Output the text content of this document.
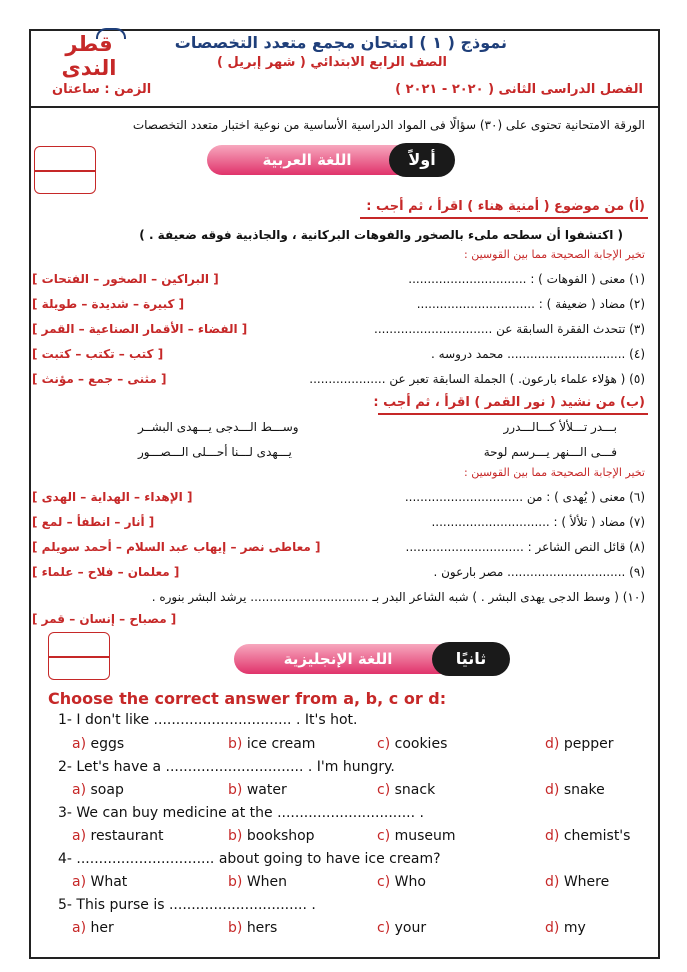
قطر الندى
نموذج ( ١ ) امتحان مجمع متعدد التخصصات
الصف الرابع الابتدائي ( شهر إبريل )
الفصل الدراسى الثانى ( ٢٠٢٠ - ٢٠٢١ )
الزمن : ساعتان
الورقة الامتحانية تحتوى على (٣٠) سؤالًا فى المواد الدراسية الأساسية من نوعية اختبار متعدد التخصصات
اللغة العربية	أولاً
(أ) من موضوع ( أمنية هناء ) اقرأ ، ثم أجب :
( اكتشفوا أن سطحه ملىء بالصخور والفوهات البركانية ، والجاذبية فوقه ضعيفة . )
تخير الإجابة الصحيحة مما بين القوسين :
(١) معنى ( الفوهات ) : ...............................
[ البراكين – الصخور – الفتحات ]
(٢) مضاد ( ضعيفة ) : ...............................
[ كبيرة – شديدة – طويلة ]
(٣) تتحدث الفقرة السابقة عن ...............................
[ الفضاء – الأقمار الصناعية – القمر ]
(٤) ............................... محمد دروسه .
[ كتب – تكتب – كتبت ]
(٥) ( هؤلاء علماء بارعون. ) الجملة السابقة تعبر عن ....................
[ مثنى – جمع – مؤنث ]
(ب) من نشيد ( نور القمر ) اقرأ ، ثم أجب :
بـــدر تـــلألأ كـــالـــدرر
وســـط الـــدجى يـــهدى البشــر
فـــى الـــنهر يـــرسم لوحة
يـــهدى لـــنا أحـــلى الـــصـــور
تخير الإجابة الصحيحة مما بين القوسين :
(٦) معنى ( يُهدى ) : من ...............................
[ الإهداء – الهداية – الهدى ]
(٧) مضاد ( تلألأ ) : ...............................
[ أنار – انطفأ – لمع ]
(٨) قائل النص الشاعر : ...............................
[ معاطى نصر – إيهاب عبد السلام – أحمد سويلم ]
(٩) ............................... مصر بارعون .
[ معلمان – فلاح – علماء ]
(١٠) ( وسط الدجى يهدى البشر . ) شبه الشاعر البدر بـ ............................... يرشد البشر بنوره .
[ مصباح – إنسان – قمر ]
اللغة الإنجليزية	ثانيًا
Choose the correct answer from a, b, c or d:
1- I don't like ............................... . It's hot.
a) eggs	b) ice cream	c) cookies	d) pepper
2- Let's have a ............................... . I'm hungry.
a) soap	b) water	c) snack	d) snake
3- We can buy medicine at the ............................... .
a) restaurant	b) bookshop	c) museum	d) chemist's
4- ............................... about going to have ice cream?
a) What	b) When	c) Who	d) Where
5- This purse is ............................... .
a) her	b) hers	c) your	d) my
